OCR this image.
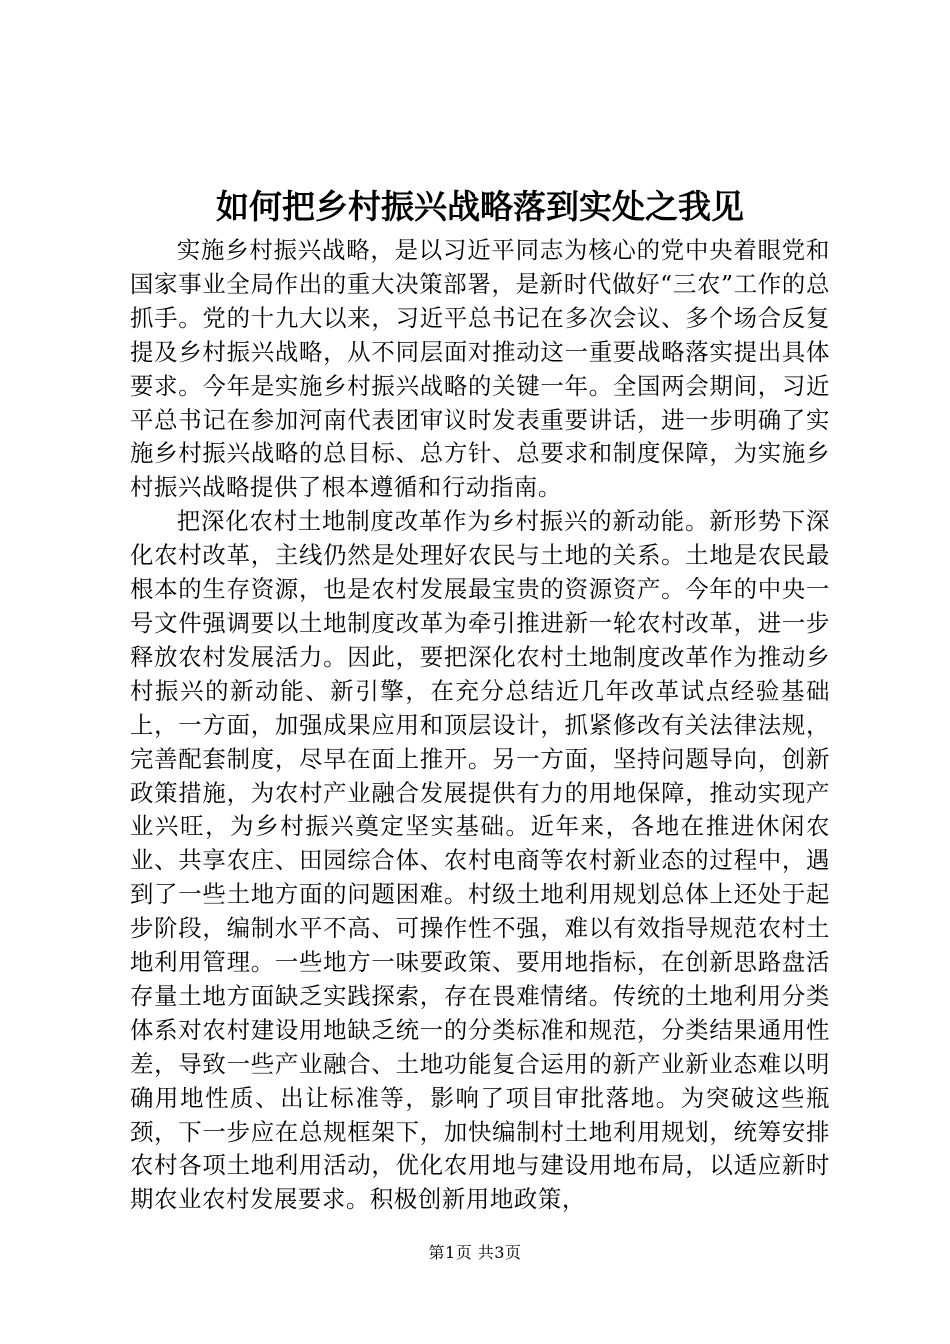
如何把乡村振兴战略落到实处之我见

实施乡村振兴战略，是以习近平同志为核心的党中央着眼党和国家事业全局作出的重大决策部署，是新时代做好“三农”工作的总抓手。党的十九大以来，习近平总书记在多次会议、多个场合反复提及乡村振兴战略，从不同层面对推动这一重要战略落实提出具体要求。今年是实施乡村振兴战略的关键一年。全国两会期间，习近平总书记在参加河南代表团审议时发表重要讲话，进一步明确了实施乡村振兴战略的总目标、总方针、总要求和制度保障，为实施乡村振兴战略提供了根本遵循和行动指南。

把深化农村土地制度改革作为乡村振兴的新动能。新形势下深化农村改革，主线仍然是处理好农民与土地的关系。土地是农民最根本的生存资源，也是农村发展最宝贵的资源资产。今年的中央一号文件强调要以土地制度改革为牵引推进新一轮农村改革，进一步释放农村发展活力。因此，要把深化农村土地制度改革作为推动乡村振兴的新动能、新引擎，在充分总结近几年改革试点经验基础上，一方面，加强成果应用和顶层设计，抓紧修改有关法律法规，完善配套制度，尽早在面上推开。另一方面，坚持问题导向，创新政策措施，为农村产业融合发展提供有力的用地保障，推动实现产业兴旺，为乡村振兴奠定坚实基础。近年来，各地在推进休闲农业、共享农庄、田园综合体、农村电商等农村新业态的过程中，遇到了一些土地方面的问题困难。村级土地利用规划总体上还处于起步阶段，编制水平不高、可操作性不强，难以有效指导规范农村土地利用管理。一些地方一味要政策、要用地指标，在创新思路盘活存量土地方面缺乏实践探索，存在畏难情绪。传统的土地利用分类体系对农村建设用地缺乏统一的分类标准和规范，分类结果通用性差，导致一些产业融合、土地功能复合运用的新产业新业态难以明确用地性质、出让标准等，影响了项目审批落地。为突破这些瓶颈，下一步应在总规框架下，加快编制村土地利用规划，统筹安排农村各项土地利用活动，优化农用地与建设用地布局，以适应新时期农业农村发展要求。积极创新用地政策，

第1页 共3页
